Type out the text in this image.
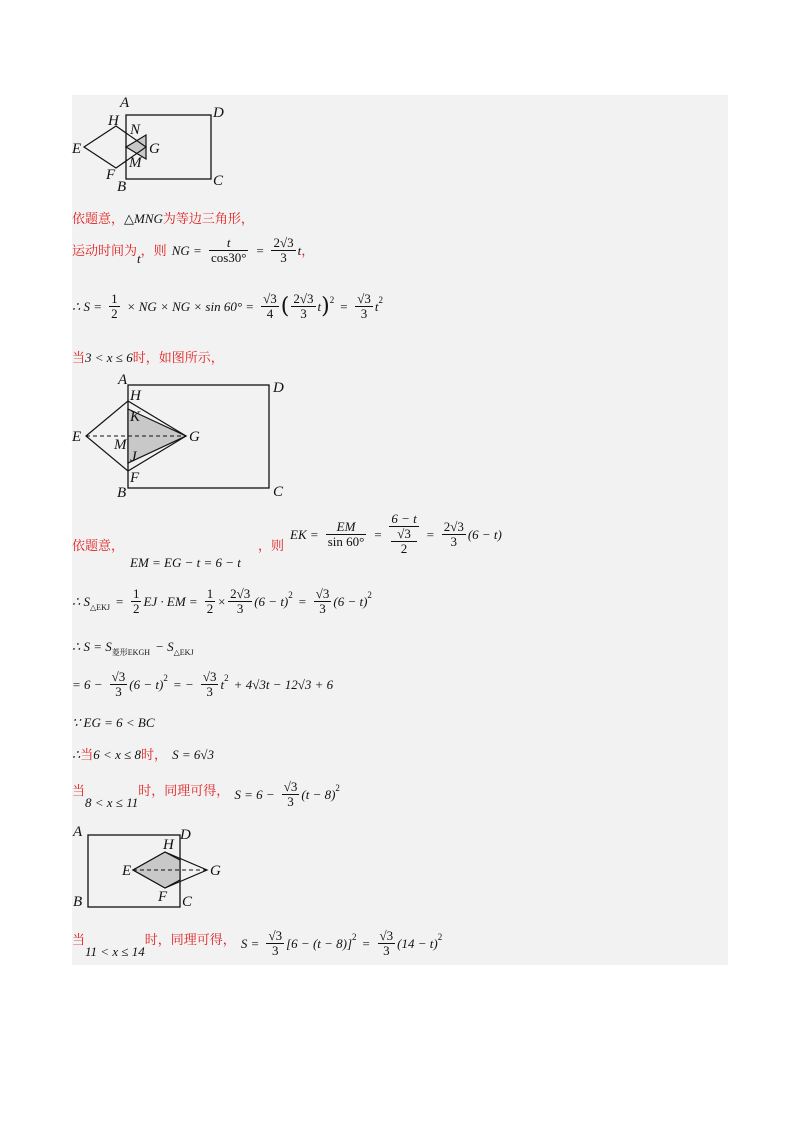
A
H
N
D
E	G
M
F
B	C
依题意，△MNG为等边三角形，
运动时间为$_t$，则 NG = $\frac{t}{\cos 30^\circ} = \frac{2√3}{3}$ t，
∴ $S = \frac{1}{2}$ × NG × NG × $\sin 60^\circ = \frac{√3}{4}$ ( $\frac{2√3}{3} t)^2 = \frac{√3}{3} t^2$
当3 < x ≤ 6时，如图所示，
A
H
K
D
E M	G
J
F
B	C
依题意，	，则
EK = $\frac{EM}{\sin 60^\circ} = 6 - t$
√3
$2 = \frac{2√3}{3} (6 - t)$
EM = EG − t = 6 − t
∴ $S_{\triangle EKJ} = \frac{1}{2}$ EJ · EM = $\frac{1}{2} \times \frac{2√3}{3} (6 - t)^2 = \frac{√3}{3} (6 - t)^2$
∴ $S = S_{菱形EKGH} - S_{\triangle EKJ}$
= $6 - \frac{√3}{3} (6 - t)^2$ = − $\frac{√3}{3} t^2 + 4√3t - 12√3 + 6$
∵ EG = 6 < BC
∴当6 < x ≤ 8时， S = 6√3
$^当_{8 < x \le 11}^{时,同理可得,}$ $S = 6 - \frac{√3}{3} (t - 8)^2$
A	D
H
E	G
F
B	C
$^当_{11 < x \le 14}^{时,同理可得,}$ $S = \frac{√3}{3} [6 - (t - 8)]^2 = \frac{√3}{3} (14 - t)^2$
